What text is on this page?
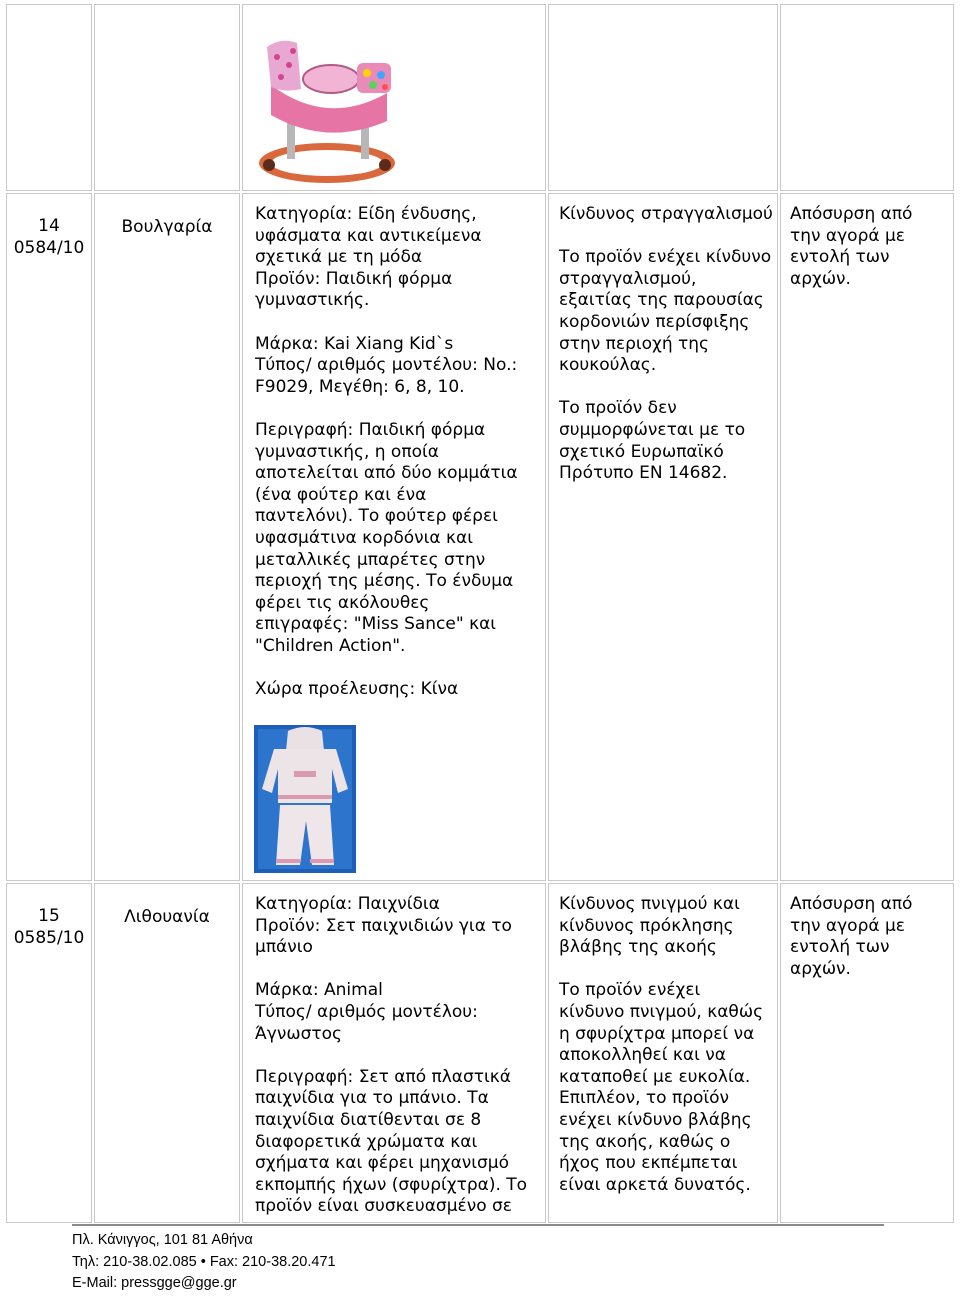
14
0584/10
Βουλγαρία
Κατηγορία: Είδη ένδυσης, υφάσματα και αντικείμενα σχετικά με τη μόδα
Προϊόν: Παιδική φόρμα γυμναστικής.

Μάρκα: Kai Xiang Kid`s
Τύπος/ αριθμός μοντέλου: No.: F9029, Μεγέθη: 6, 8, 10.

Περιγραφή: Παιδική φόρμα γυμναστικής, η οποία αποτελείται από δύο κομμάτια (ένα φούτερ και ένα παντελόνι). Το φούτερ φέρει υφασμάτινα κορδόνια και μεταλλικές μπαρέτες στην περιοχή της μέσης. Το ένδυμα φέρει τις ακόλουθες επιγραφές: "Miss Sance" και "Children Action".

Χώρα προέλευσης: Κίνα
Κίνδυνος στραγγαλισμού

Το προϊόν ενέχει κίνδυνο στραγγαλισμού, εξαιτίας της παρουσίας κορδονιών περίσφιξης στην περιοχή της κουκούλας.

Το προϊόν δεν συμμορφώνεται με το σχετικό Ευρωπαϊκό Πρότυπο EN 14682.
Απόσυρση από την αγορά με εντολή των αρχών.
15
0585/10
Λιθουανία
Κατηγορία: Παιχνίδια
Προϊόν: Σετ παιχνιδιών για το μπάνιο

Μάρκα: Animal
Τύπος/ αριθμός μοντέλου: Άγνωστος

Περιγραφή: Σετ από πλαστικά παιχνίδια για το μπάνιο. Τα παιχνίδια διατίθενται σε 8 διαφορετικά χρώματα και σχήματα και φέρει μηχανισμό εκπομπής ήχων (σφυρίχτρα). Το προϊόν είναι συσκευασμένο σε
Κίνδυνος πνιγμού και κίνδυνος πρόκλησης βλάβης της ακοής

Το προϊόν ενέχει κίνδυνο πνιγμού, καθώς η σφυρίχτρα μπορεί να αποκολληθεί και να καταποθεί με ευκολία. Επιπλέον, το προϊόν ενέχει κίνδυνο βλάβης της ακοής, καθώς ο ήχος που εκπέμπεται είναι αρκετά δυνατός.
Απόσυρση από την αγορά με εντολή των αρχών.
Πλ. Κάνιγγος, 101 81 Αθήνα
Τηλ: 210-38.02.085 • Fax: 210-38.20.471
E-Mail: pressgge@gge.gr
